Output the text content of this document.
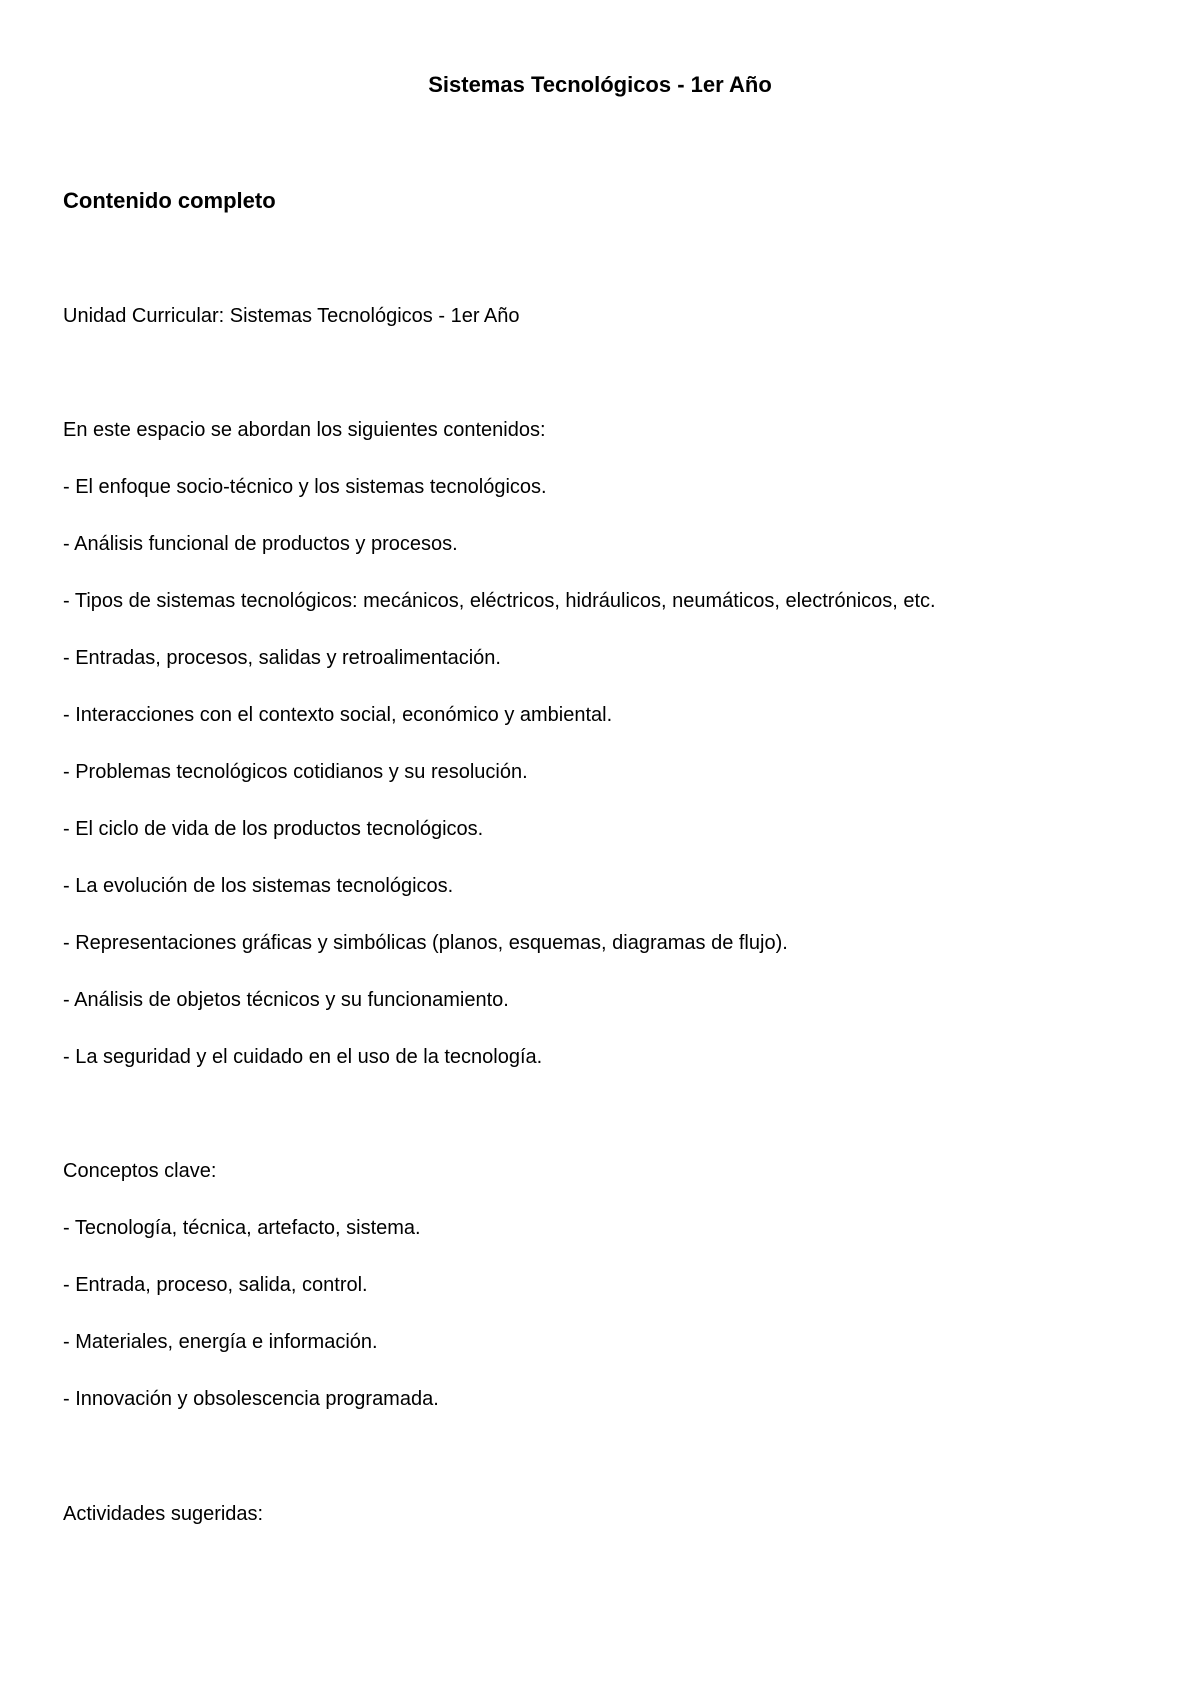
Sistemas Tecnológicos - 1er Año
Contenido completo
Unidad Curricular: Sistemas Tecnológicos - 1er Año
En este espacio se abordan los siguientes contenidos:
- El enfoque socio-técnico y los sistemas tecnológicos.
- Análisis funcional de productos y procesos.
- Tipos de sistemas tecnológicos: mecánicos, eléctricos, hidráulicos, neumáticos, electrónicos, etc.
- Entradas, procesos, salidas y retroalimentación.
- Interacciones con el contexto social, económico y ambiental.
- Problemas tecnológicos cotidianos y su resolución.
- El ciclo de vida de los productos tecnológicos.
- La evolución de los sistemas tecnológicos.
- Representaciones gráficas y simbólicas (planos, esquemas, diagramas de flujo).
- Análisis de objetos técnicos y su funcionamiento.
- La seguridad y el cuidado en el uso de la tecnología.
Conceptos clave:
- Tecnología, técnica, artefacto, sistema.
- Entrada, proceso, salida, control.
- Materiales, energía e información.
- Innovación y obsolescencia programada.
Actividades sugeridas:
